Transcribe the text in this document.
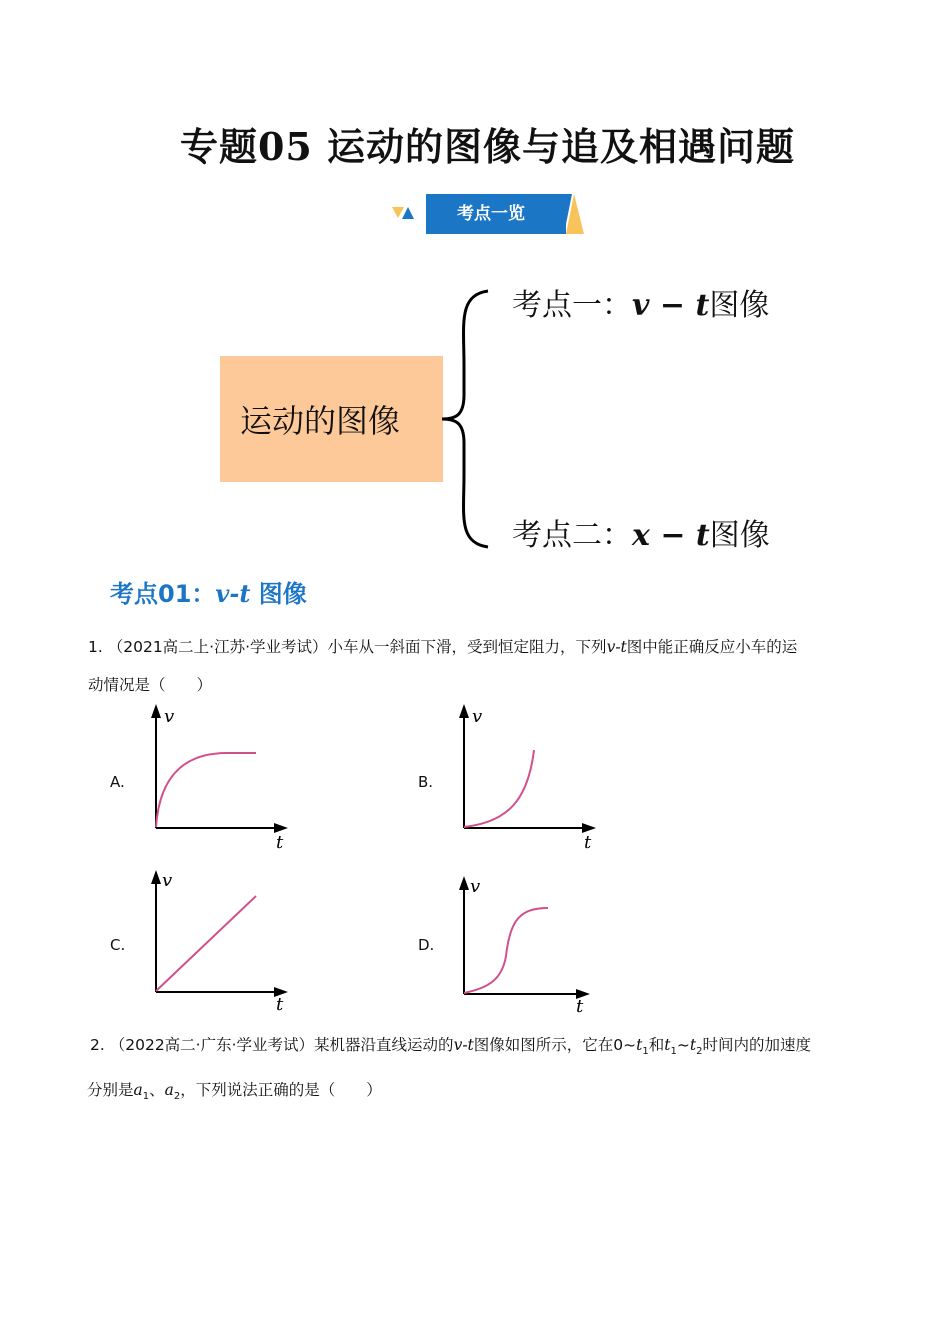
专题05 运动的图像与追及相遇问题
考点一览
运动的图像
考点一：v − t图像
考点二：x − t图像
考点01：v-t 图像
1. （2021高二上·江苏·学业考试）小车从一斜面下滑，受到恒定阻力，下列v-t图中能正确反应小车的运
动情况是（　　）
A.
v
t
B.
v
t
C.
v
t
D.
v
t
2. （2022高二·广东·学业考试）某机器沿直线运动的v-t图像如图所示，它在$0\sim t_1$和$t_1\sim t_2$时间内的加速度
分别是$a_1$、$a_2$，下列说法正确的是（　　）
